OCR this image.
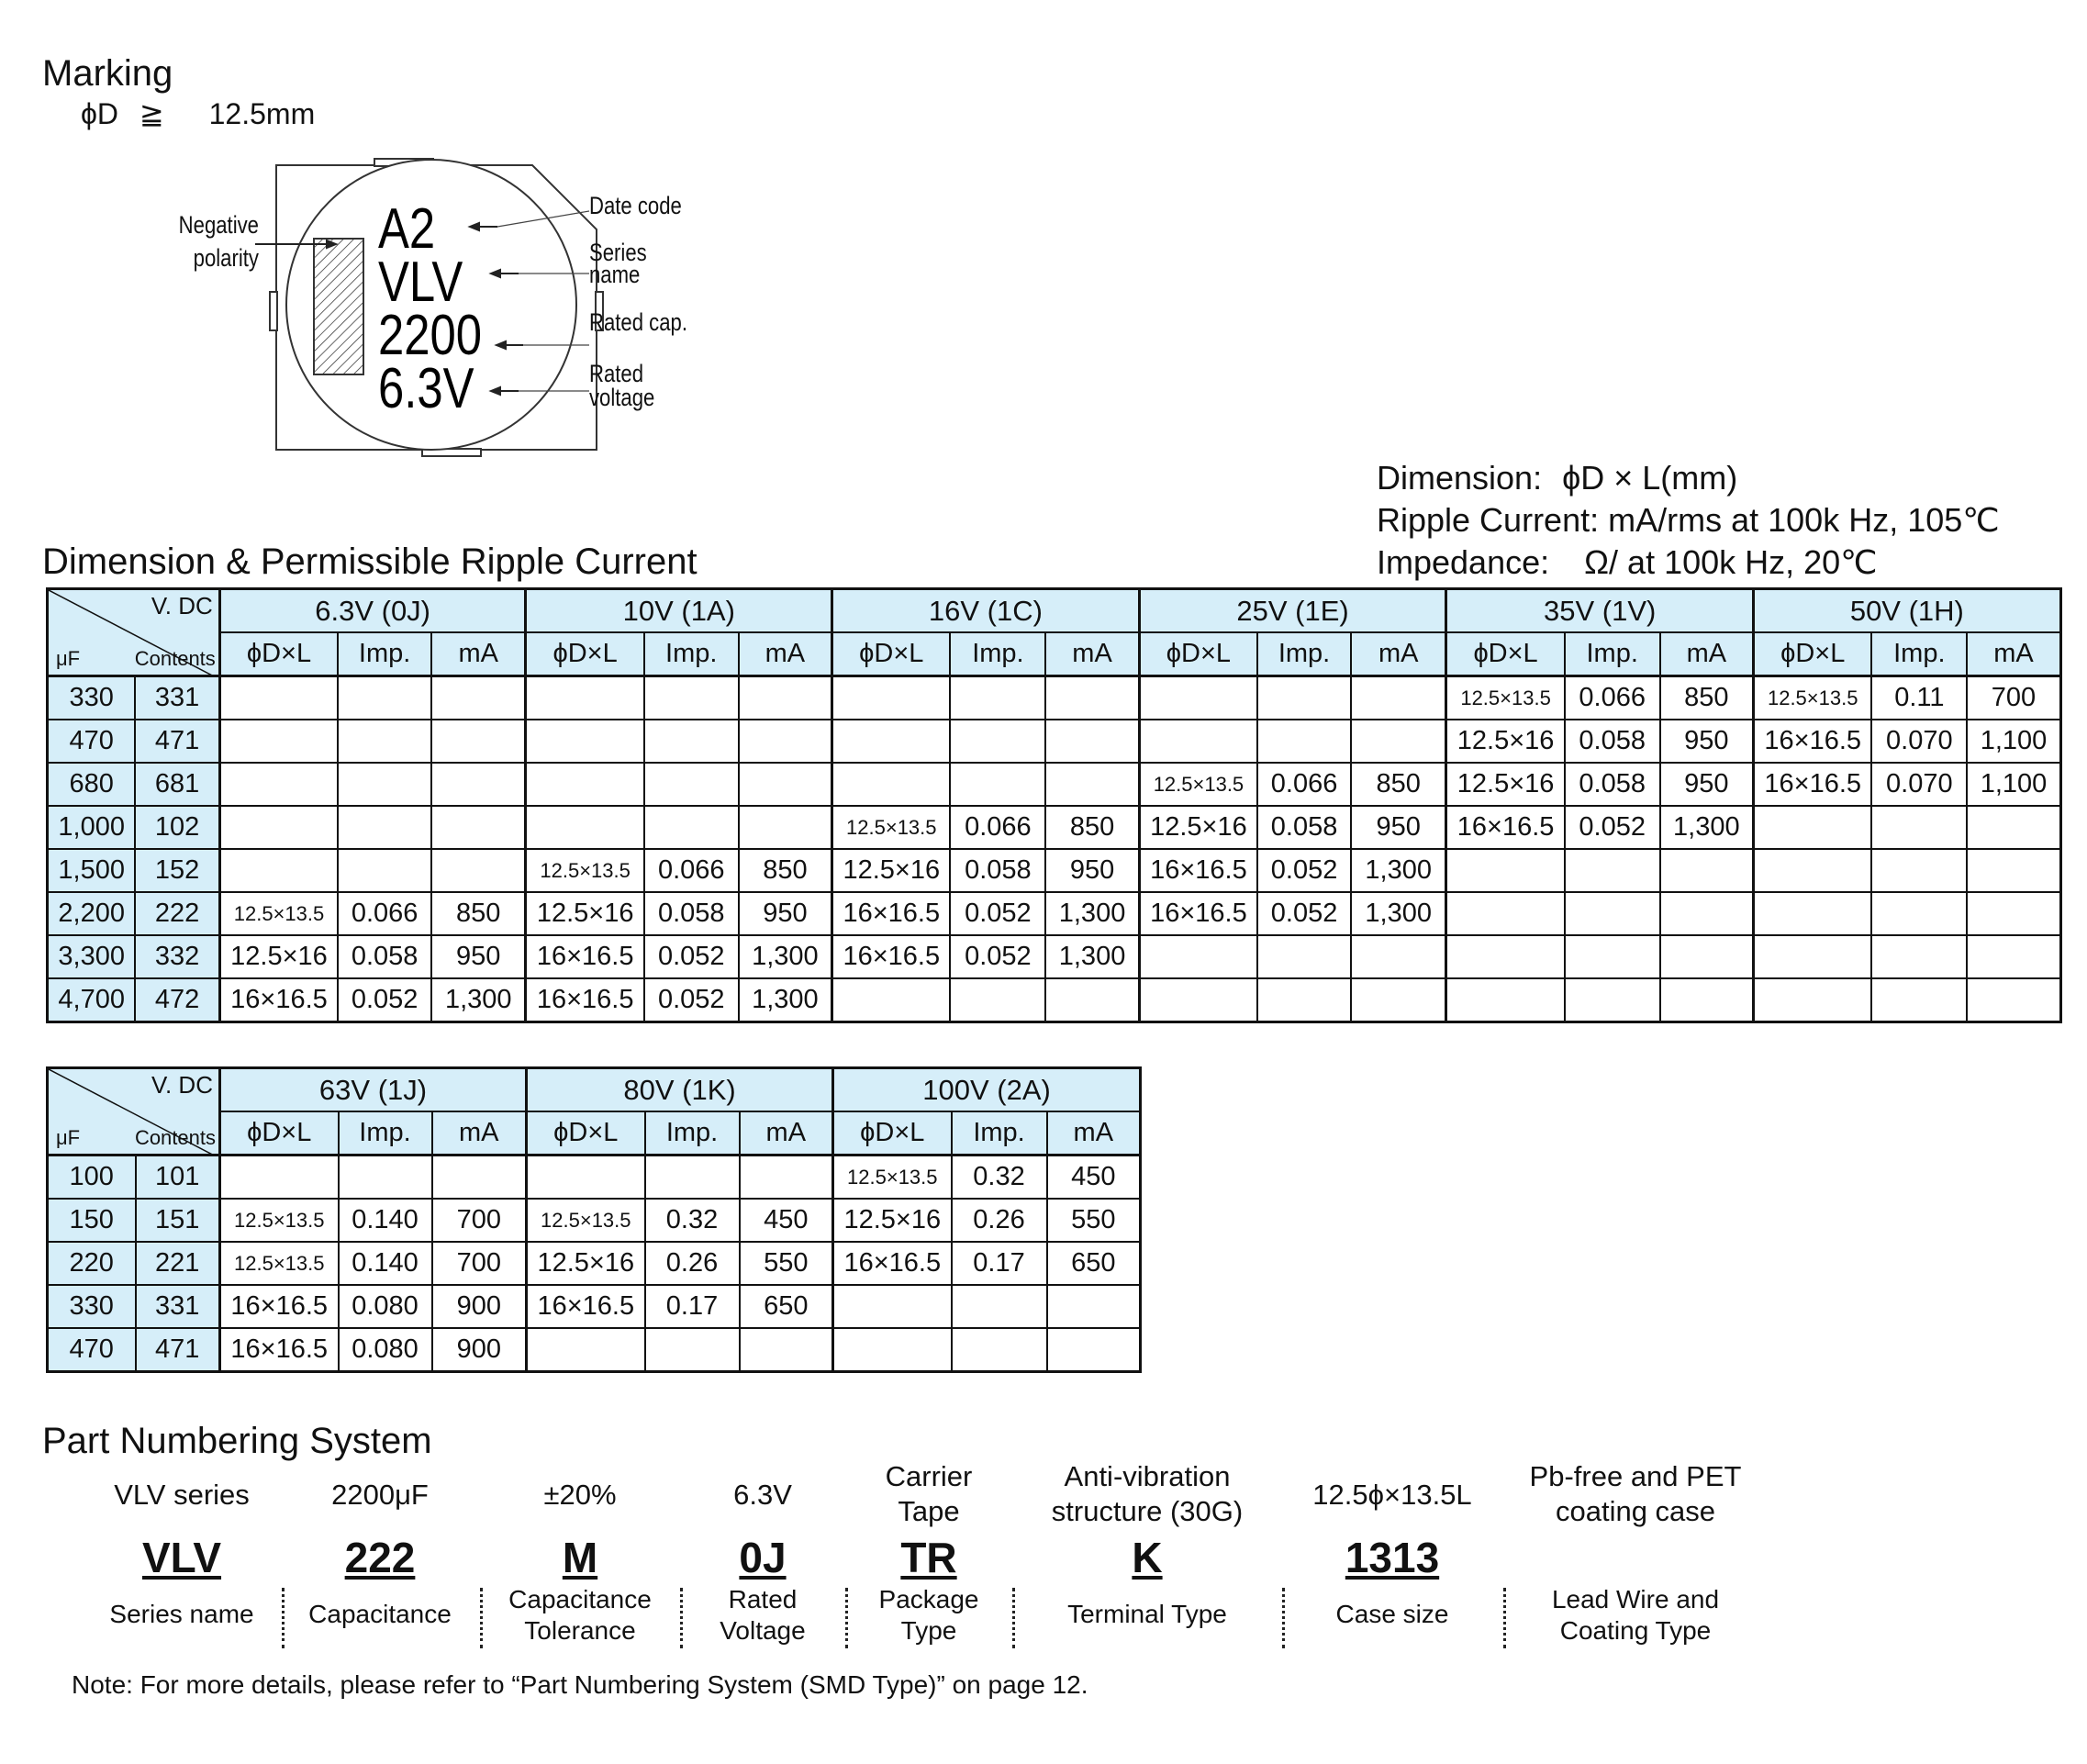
Marking
ϕD ≧ 12.5mm
A2
VLV
2200
6.3V
Date code
Series
name
Rated cap.
Rated
voltage
Negative
polarity
Dimension: ϕD × L(mm)
Ripple Current: mA/rms at 100k Hz, 105℃
Impedance: Ω/ at 100k Hz, 20℃
Dimension & Permissible Ripple Current
V. DC
μF Contents		6.3V (0J)			10V (1A)			16V (1C)			25V (1E)			35V (1V)			50V (1H)		
		ϕD×L	Imp.	mA	ϕD×L	Imp.	mA	ϕD×L	Imp.	mA	ϕD×L	Imp.	mA	ϕD×L	Imp.	mA	ϕD×L	Imp.	mA
330	331													12.5×13.5	0.066	850	12.5×13.5	0.11	700
470	471													12.5×16	0.058	950	16×16.5	0.070	1,100
680	681										12.5×13.5	0.066	850	12.5×16	0.058	950	16×16.5	0.070	1,100
1,000	102							12.5×13.5	0.066	850	12.5×16	0.058	950	16×16.5	0.052	1,300			
1,500	152				12.5×13.5	0.066	850	12.5×16	0.058	950	16×16.5	0.052	1,300						
2,200	222	12.5×13.5	0.066	850	12.5×16	0.058	950	16×16.5	0.052	1,300	16×16.5	0.052	1,300						
3,300	332	12.5×16	0.058	950	16×16.5	0.052	1,300	16×16.5	0.052	1,300									
4,700	472	16×16.5	0.052	1,300	16×16.5	0.052	1,300												
V. DC
μF Contents		63V (1J)			80V (1K)			100V (2A)		
		ϕD×L	Imp.	mA	ϕD×L	Imp.	mA	ϕD×L	Imp.	mA
100	101							12.5×13.5	0.32	450
150	151	12.5×13.5	0.140	700	12.5×13.5	0.32	450	12.5×16	0.26	550
220	221	12.5×13.5	0.140	700	12.5×16	0.26	550	16×16.5	0.17	650
330	331	16×16.5	0.080	900	16×16.5	0.17	650			
470	471	16×16.5	0.080	900						
Part Numbering System
VLV series
VLV
Series name
2200μF
222
Capacitance
±20%
M
Capacitance
Tolerance
6.3V
0J
Rated
Voltage
Carrier
Tape
TR
Package
Type
Anti-vibration
structure (30G)
K
Terminal Type
12.5ϕ×13.5L
1313
Case size
Pb-free and PET
coating case
Lead Wire and
Coating Type
Note: For more details, please refer to “Part Numbering System (SMD Type)” on page 12.
